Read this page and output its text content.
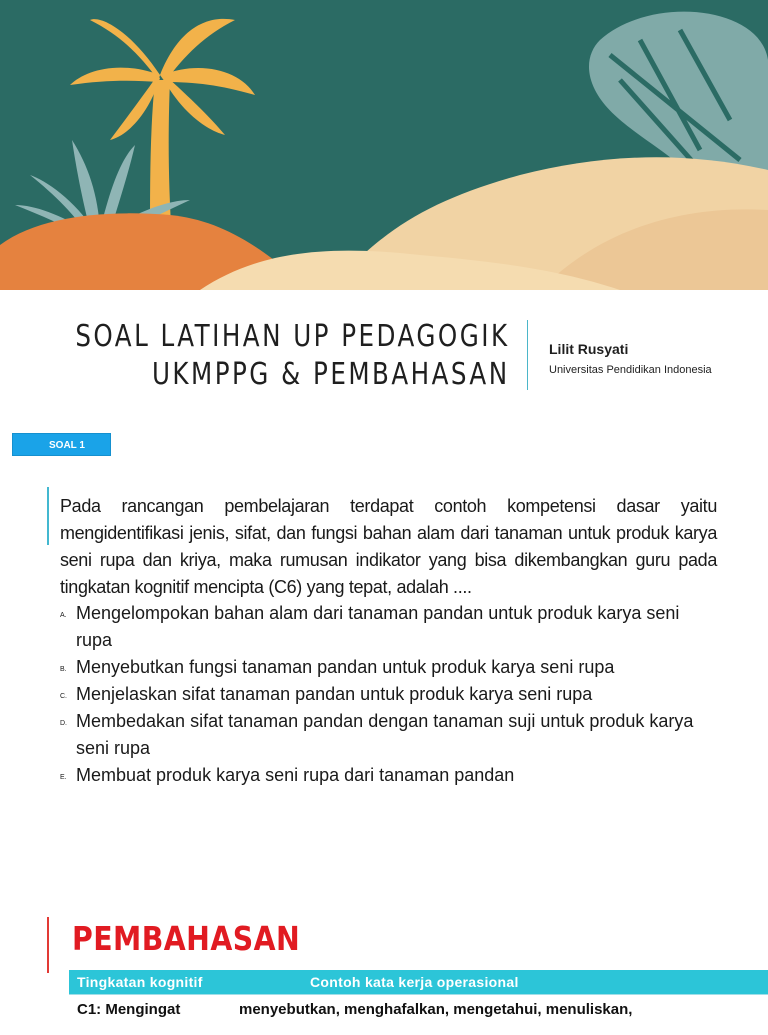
SOAL LATIHAN UP PEDAGOGIK
UKMPPG & PEMBAHASAN
Lilit Rusyati
Universitas Pendidikan Indonesia
SOAL 1
Pada rancangan pembelajaran terdapat contoh kompetensi dasar yaitu mengidentifikasi jenis, sifat, dan fungsi bahan alam dari tanaman untuk produk karya seni rupa dan kriya, maka rumusan indikator yang bisa dikembangkan guru pada tingkatan kognitif mencipta (C6) yang tepat, adalah ....
A. Mengelompokan bahan alam dari tanaman pandan untuk produk karya seni rupa
B. Menyebutkan fungsi tanaman pandan untuk produk karya seni rupa
C. Menjelaskan sifat tanaman pandan untuk produk karya seni rupa
D. Membedakan sifat tanaman pandan dengan tanaman suji untuk produk karya seni rupa
E. Membuat produk karya seni rupa dari tanaman pandan
PEMBAHASAN
Tingkatan kognitif	Contoh kata kerja operasional
C1: Mengingat	menyebutkan, menghafalkan, mengetahui, menuliskan,
